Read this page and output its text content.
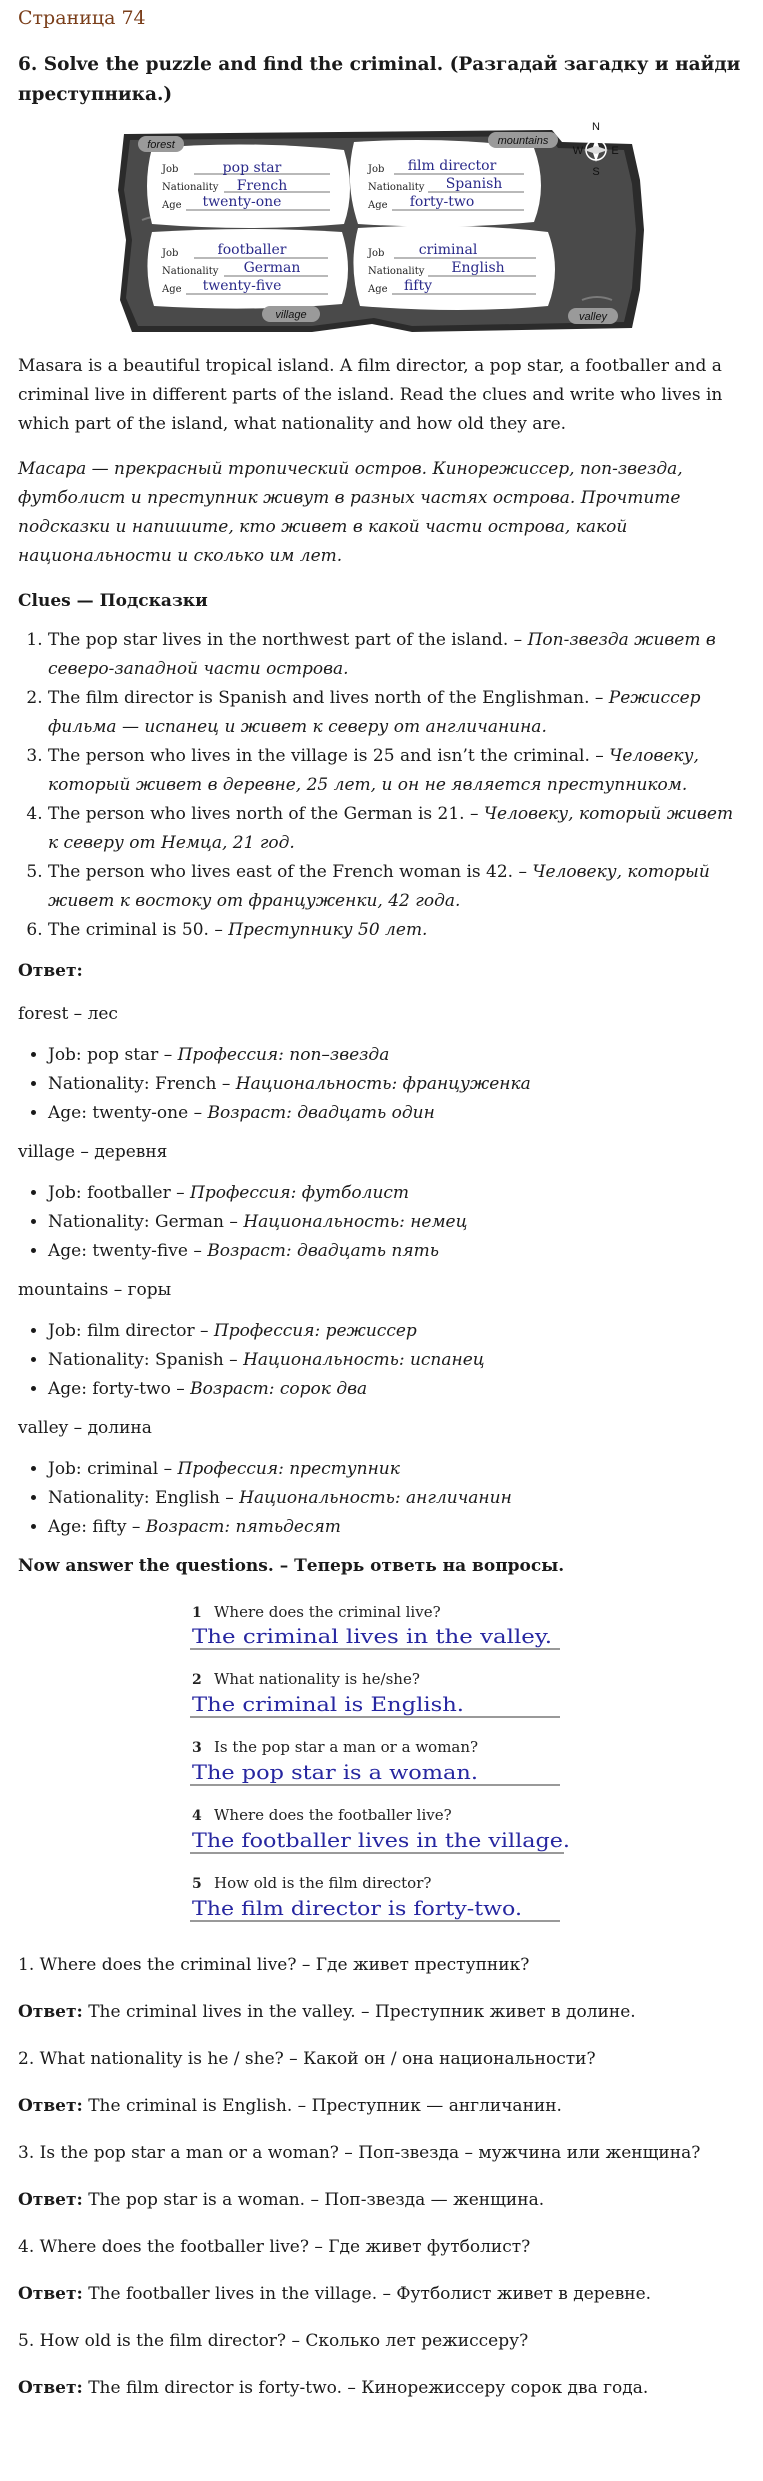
Страница 74
6. Solve the puzzle and find the criminal. (Разгадай загадку и найди преступника.)
forest	mountains
village	valley
N
S
E
W
Job	pop star
Nationality French
Age twenty-one
Job film director
Nationality Spanish
Age forty-two
Job	footballer
Nationality German
Age twenty-five
Job criminal
Nationality English
Age fifty

Masara is a beautiful tropical island. A film director, a pop star, a footballer and a criminal live in different parts of the island. Read the clues and write who lives in which part of the island, what nationality and how old they are.

Масара — прекрасный тропический остров. Кинорежиссер, поп-звезда, футболист и преступник живут в разных частях острова. Прочтите подсказки и напишите, кто живет в какой части острова, какой национальности и сколько им лет.

Clues — Подсказки

1. The pop star lives in the northwest part of the island. – Поп-звезда живет в северо-западной части острова.
2. The film director is Spanish and lives north of the Englishman. – Режиссер фильма — испанец и живет к северу от англичанина.
3. The person who lives in the village is 25 and isn’t the criminal. – Человеку, который живет в деревне, 25 лет, и он не является преступником.
4. The person who lives north of the German is 21. – Человеку, который живет к северу от Немца, 21 год.
5. The person who lives east of the French woman is 42. – Человеку, который живет к востоку от француженки, 42 года.
6. The criminal is 50. – Преступнику 50 лет.

Ответ:

forest – лес

• Job: pop star – Профессия: поп–звезда
• Nationality: French – Национальность: француженка
• Age: twenty-one – Возраст: двадцать один

village – деревня

• Job: footballer – Профессия: футболист
• Nationality: German – Национальность: немец
• Age: twenty-five – Возраст: двадцать пять

mountains – горы

• Job: film director – Профессия: режиссер
• Nationality: Spanish – Национальность: испанец
• Age: forty-two – Возраст: сорок два

valley – долина

• Job: criminal – Профессия: преступник
• Nationality: English – Национальность: англичанин
• Age: fifty – Возраст: пятьдесят

Now answer the questions. – Теперь ответь на вопросы.

1 Where does the criminal live?
The criminal lives in the valley.
2 What nationality is he/she?
The criminal is English.
3 Is the pop star a man or a woman?
The pop star is a woman.
4 Where does the footballer live?
The footballer lives in the village.
5 How old is the film director?
The film director is forty-two.

1. Where does the criminal live? – Где живет преступник?

Ответ: The criminal lives in the valley. – Преступник живет в долине.

2. What nationality is he / she? – Какой он / она национальности?

Ответ: The criminal is English. – Преступник — англичанин.

3. Is the pop star a man or a woman? – Поп-звезда – мужчина или женщина?

Ответ: The pop star is a woman. – Поп-звезда — женщина.

4. Where does the footballer live? – Где живет футболист?

Ответ: The footballer lives in the village. – Футболист живет в деревне.

5. How old is the film director? – Сколько лет режиссеру?

Ответ: The film director is forty-two. – Кинорежиссеру сорок два года.
